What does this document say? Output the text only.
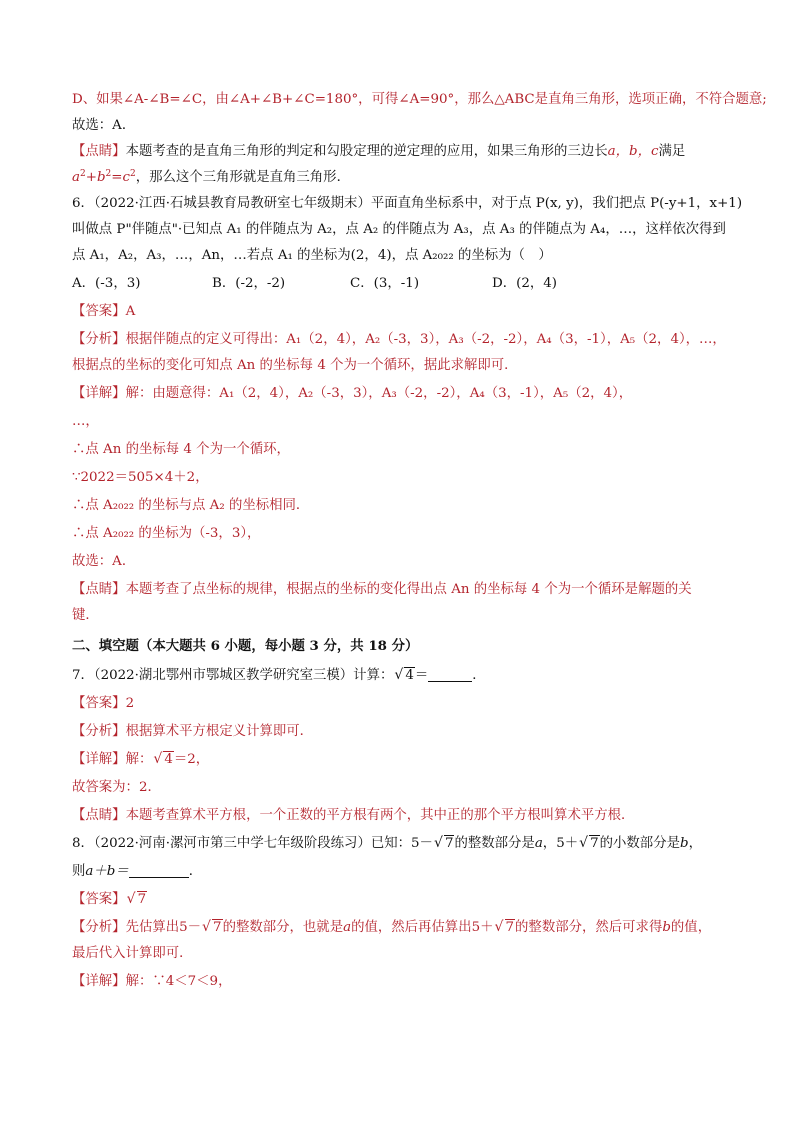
D、如果∠A-∠B=∠C，由∠A+∠B+∠C=180°，可得∠A=90°，那么△ABC是直角三角形，选项正确，不符合题意;
故选：A．
【点睛】本题考查的是直角三角形的判定和勾股定理的逆定理的应用，如果三角形的三边长a，b，c满足
$a^2+b^2=c^2$，那么这个三角形就是直角三角形．
6．（2022·江西·石城县教育局教研室七年级期末）平面直角坐标系中，对于点 P(x, y)，我们把点 P(-y+1，x+1)
叫做点 P"伴随点"·已知点 A₁ 的伴随点为 A₂，点 A₂ 的伴随点为 A₃，点 A₃ 的伴随点为 A₄，…，这样依次得到
点 A₁，A₂，A₃，…，An，…若点 A₁ 的坐标为(2，4)，点 A₂₀₂₂ 的坐标为（　）
A．(-3，3)	B．(-2，-2)	C．(3，-1)	D．(2，4)
【答案】A
【分析】根据伴随点的定义可得出：A₁（2，4），A₂（-3，3），A₃（-2，-2），A₄（3，-1），A₅（2，4），…，
根据点的坐标的变化可知点 An 的坐标每 4 个为一个循环，据此求解即可．
【详解】解：由题意得：A₁（2，4），A₂（-3，3），A₃（-2，-2），A₄（3，-1），A₅（2，4），
…，
∴点 An 的坐标每 4 个为一个循环，
∵2022＝505×4＋2，
∴点 A₂₀₂₂ 的坐标与点 A₂ 的坐标相同．
∴点 A₂₀₂₂ 的坐标为（-3，3），
故选：A．
【点睛】本题考查了点坐标的规律，根据点的坐标的变化得出点 An 的坐标每 4 个为一个循环是解题的关
键．
二、填空题（本大题共 6 小题，每小题 3 分，共 18 分）
7．（2022·湖北鄂州市鄂城区教学研究室三模）计算： √ 4＝	．
【答案】2
【分析】根据算术平方根定义计算即可．
【详解】解： √ 4＝2，
故答案为：2．
【点睛】本题考查算术平方根，一个正数的平方根有两个，其中正的那个平方根叫算术平方根．
8．（2022·河南·漯河市第三中学七年级阶段练习）已知：5－ √ 7的整数部分是a，5＋ √ 7的小数部分是b，
则a＋b＝	．
【答案】 √ 7
【分析】先估算出5－ √ 7的整数部分，也就是a的值，然后再估算出5＋ √ 7的整数部分，然后可求得b的值，
最后代入计算即可．
【详解】解：∵4＜7＜9，
